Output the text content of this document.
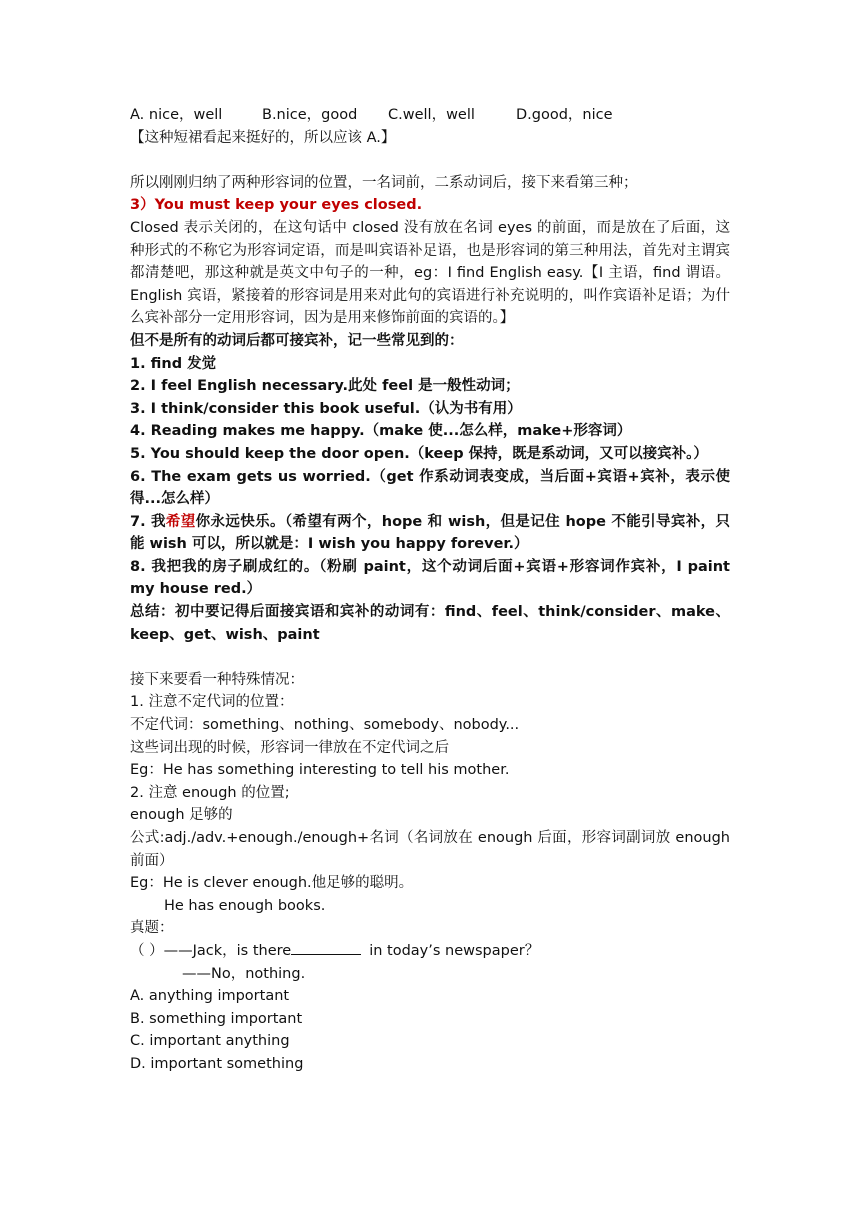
A. nice，well	B.nice，good C.well，well	D.good，nice
【这种短裙看起来挺好的，所以应该 A.】
所以刚刚归纳了两种形容词的位置，一名词前，二系动词后，接下来看第三种；
3）You must keep your eyes closed.
Closed 表示关闭的，在这句话中 closed 没有放在名词 eyes 的前面，而是放在了后面，这种形式的不称它为形容词定语，而是叫宾语补足语，也是形容词的第三种用法，首先对主谓宾都清楚吧，那这种就是英文中句子的一种，eg：I find English easy.【I 主语，find 谓语。English 宾语，紧接着的形容词是用来对此句的宾语进行补充说明的，叫作宾语补足语；为什么宾补部分一定用形容词，因为是用来修饰前面的宾语的。】
但不是所有的动词后都可接宾补，记一些常见到的：
1. find 发觉
2. I feel English necessary.此处 feel 是一般性动词；
3. I think/consider this book useful.（认为书有用）
4. Reading makes me happy.（make 使...怎么样，make+形容词）
5. You should keep the door open.（keep 保持，既是系动词，又可以接宾补。）
6. The exam gets us worried.（get 作系动词表变成，当后面+宾语+宾补，表示使得...怎么样）
7. 我希望你永远快乐。（希望有两个，hope 和 wish，但是记住 hope 不能引导宾补，只能 wish 可以，所以就是：I wish you happy forever.）
8. 我把我的房子刷成红的。（粉刷 paint，这个动词后面+宾语+形容词作宾补，I paint my house red.）
总结：初中要记得后面接宾语和宾补的动词有：find、feel、think/consider、make、keep、get、wish、paint
接下来要看一种特殊情况：
1. 注意不定代词的位置：
不定代词：something、nothing、somebody、nobody...
这些词出现的时候，形容词一律放在不定代词之后
Eg：He has something interesting to tell his mother.
2. 注意 enough 的位置;
enough 足够的
公式:adj./adv.+enough./enough+名词（名词放在 enough 后面，形容词副词放 enough 前面）
Eg：He is clever enough.他足够的聪明。
He has enough books.
真题：
（ ）——Jack，is there	in today’s newspaper？
——No，nothing.
A. anything important
B. something important
C. important anything
D. important something
